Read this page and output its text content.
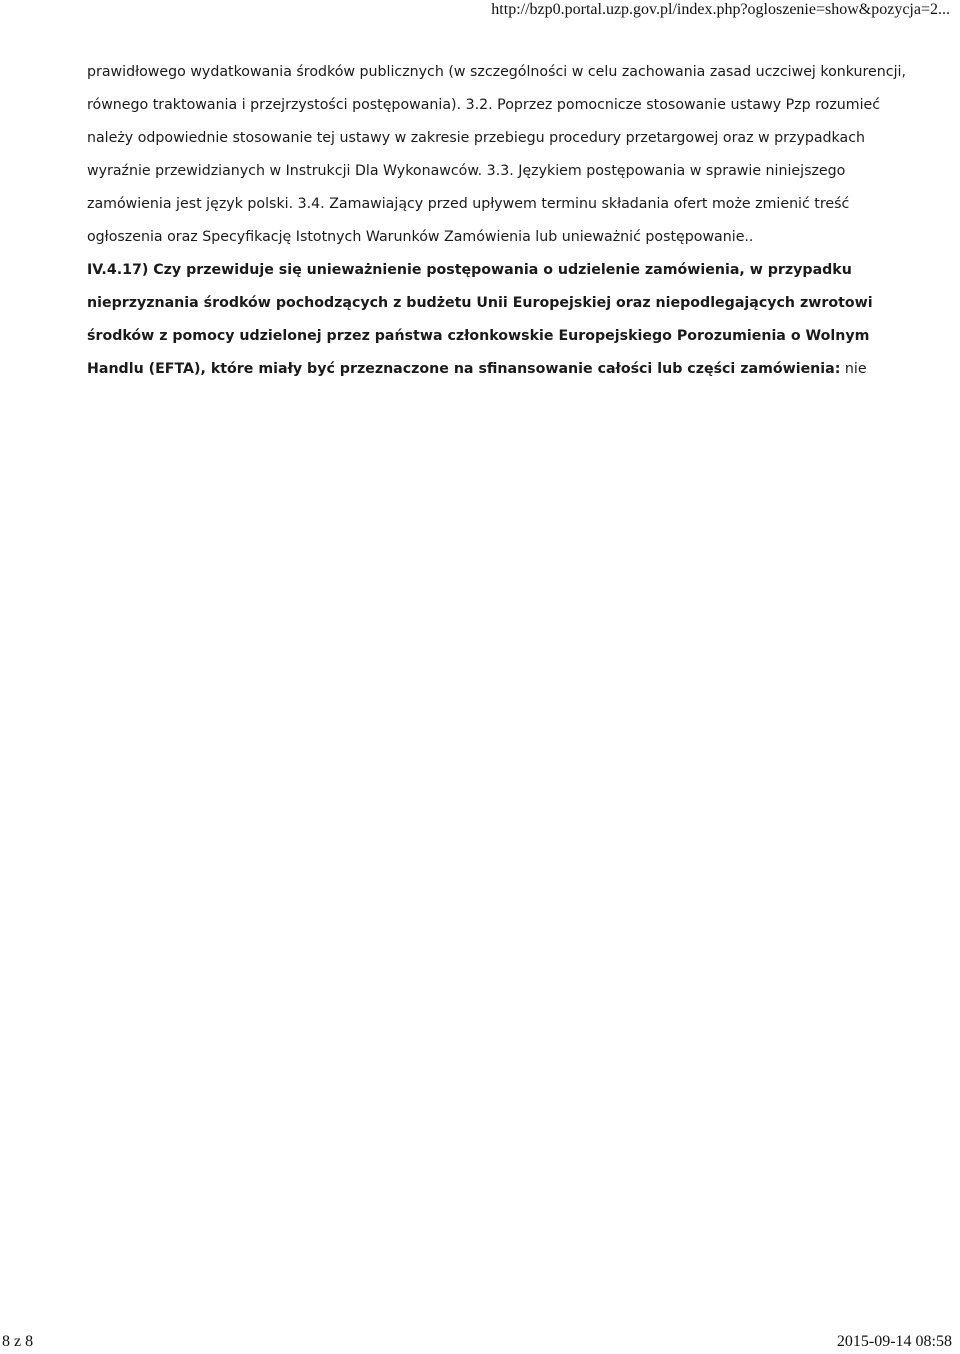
http://bzp0.portal.uzp.gov.pl/index.php?ogloszenie=show&pozycja=2...

prawidłowego wydatkowania środków publicznych (w szczególności w celu zachowania zasad uczciwej konkurencji, równego traktowania i przejrzystości postępowania). 3.2. Poprzez pomocnicze stosowanie ustawy Pzp rozumieć należy odpowiednie stosowanie tej ustawy w zakresie przebiegu procedury przetargowej oraz w przypadkach wyraźnie przewidzianych w Instrukcji Dla Wykonawców. 3.3. Językiem postępowania w sprawie niniejszego zamówienia jest język polski. 3.4. Zamawiający przed upływem terminu składania ofert może zmienić treść ogłoszenia oraz Specyfikację Istotnych Warunków Zamówienia lub unieważnić postępowanie..

IV.4.17) Czy przewiduje się unieważnienie postępowania o udzielenie zamówienia, w przypadku nieprzyznania środków pochodzących z budżetu Unii Europejskiej oraz niepodlegających zwrotowi środków z pomocy udzielonej przez państwa członkowskie Europejskiego Porozumienia o Wolnym Handlu (EFTA), które miały być przeznaczone na sfinansowanie całości lub części zamówienia: nie

8 z 8	2015-09-14 08:58
